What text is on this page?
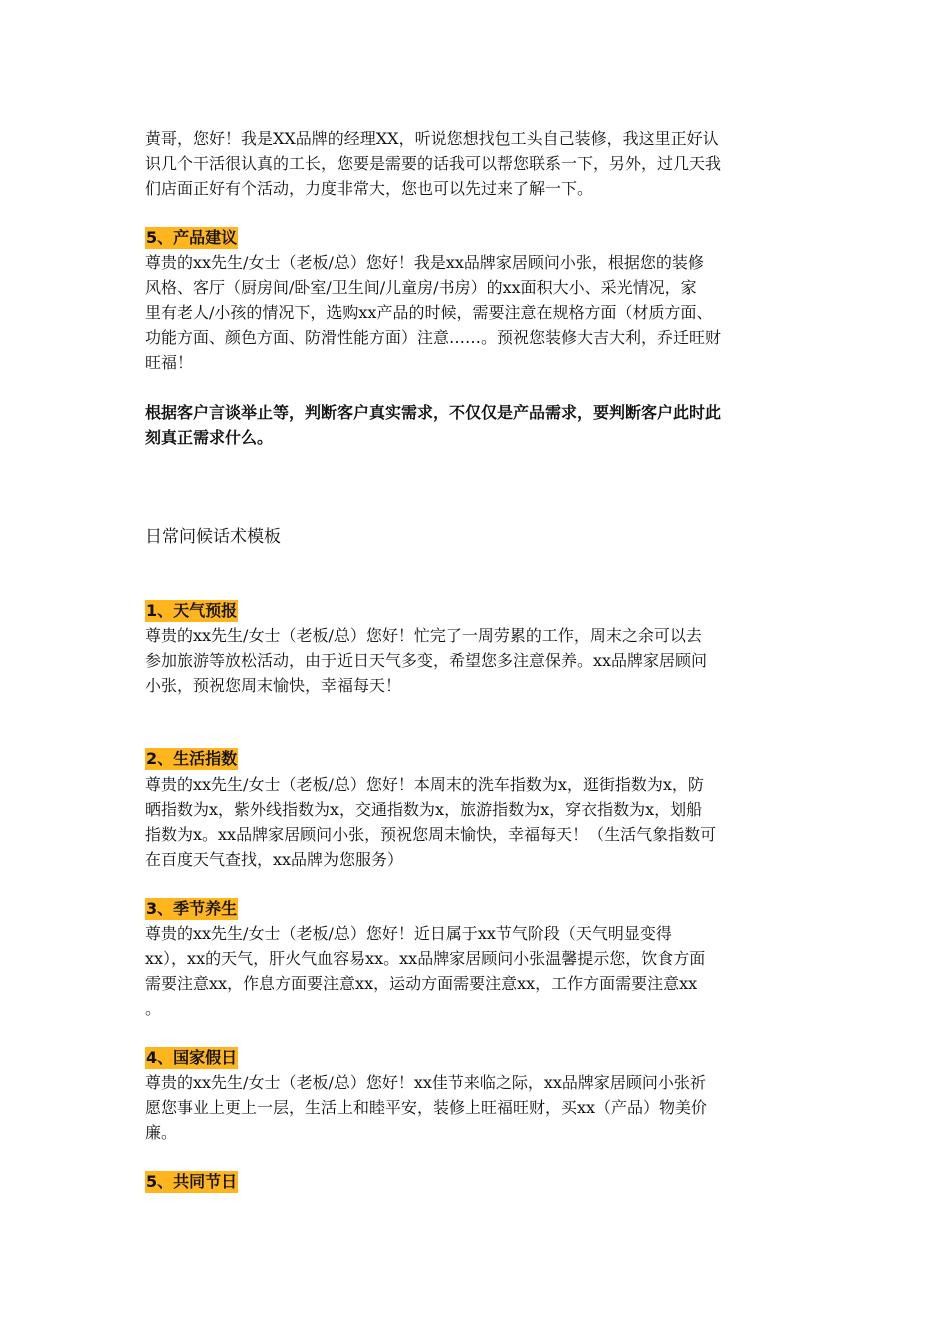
黄哥，您好！我是XX品牌的经理XX，听说您想找包工头自己装修，我这里正好认
识几个干活很认真的工长，您要是需要的话我可以帮您联系一下，另外，过几天我
们店面正好有个活动，力度非常大，您也可以先过来了解一下。
5、产品建议
尊贵的xx先生/女士（老板/总）您好！我是xx品牌家居顾问小张，根据您的装修
风格、客厅（厨房间/卧室/卫生间/儿童房/书房）的xx面积大小、采光情况，家
里有老人/小孩的情况下，选购xx产品的时候，需要注意在规格方面（材质方面、
功能方面、颜色方面、防滑性能方面）注意……。预祝您装修大吉大利，乔迁旺财
旺福！
根据客户言谈举止等，判断客户真实需求，不仅仅是产品需求，要判断客户此时此
刻真正需求什么。
日常问候话术模板
1、天气预报
尊贵的xx先生/女士（老板/总）您好！忙完了一周劳累的工作，周末之余可以去
参加旅游等放松活动，由于近日天气多变，希望您多注意保养。xx品牌家居顾问
小张，预祝您周末愉快，幸福每天！
2、生活指数
尊贵的xx先生/女士（老板/总）您好！本周末的洗车指数为x，逛街指数为x，防
晒指数为x，紫外线指数为x，交通指数为x，旅游指数为x，穿衣指数为x，划船
指数为x。xx品牌家居顾问小张，预祝您周末愉快，幸福每天！（生活气象指数可
在百度天气查找，xx品牌为您服务）
3、季节养生
尊贵的xx先生/女士（老板/总）您好！近日属于xx节气阶段（天气明显变得
xx），xx的天气，肝火气血容易xx。xx品牌家居顾问小张温馨提示您，饮食方面
需要注意xx，作息方面要注意xx，运动方面需要注意xx，工作方面需要注意xx
。
4、国家假日
尊贵的xx先生/女士（老板/总）您好！xx佳节来临之际，xx品牌家居顾问小张祈
愿您事业上更上一层，生活上和睦平安，装修上旺福旺财，买xx（产品）物美价
廉。
5、共同节日
